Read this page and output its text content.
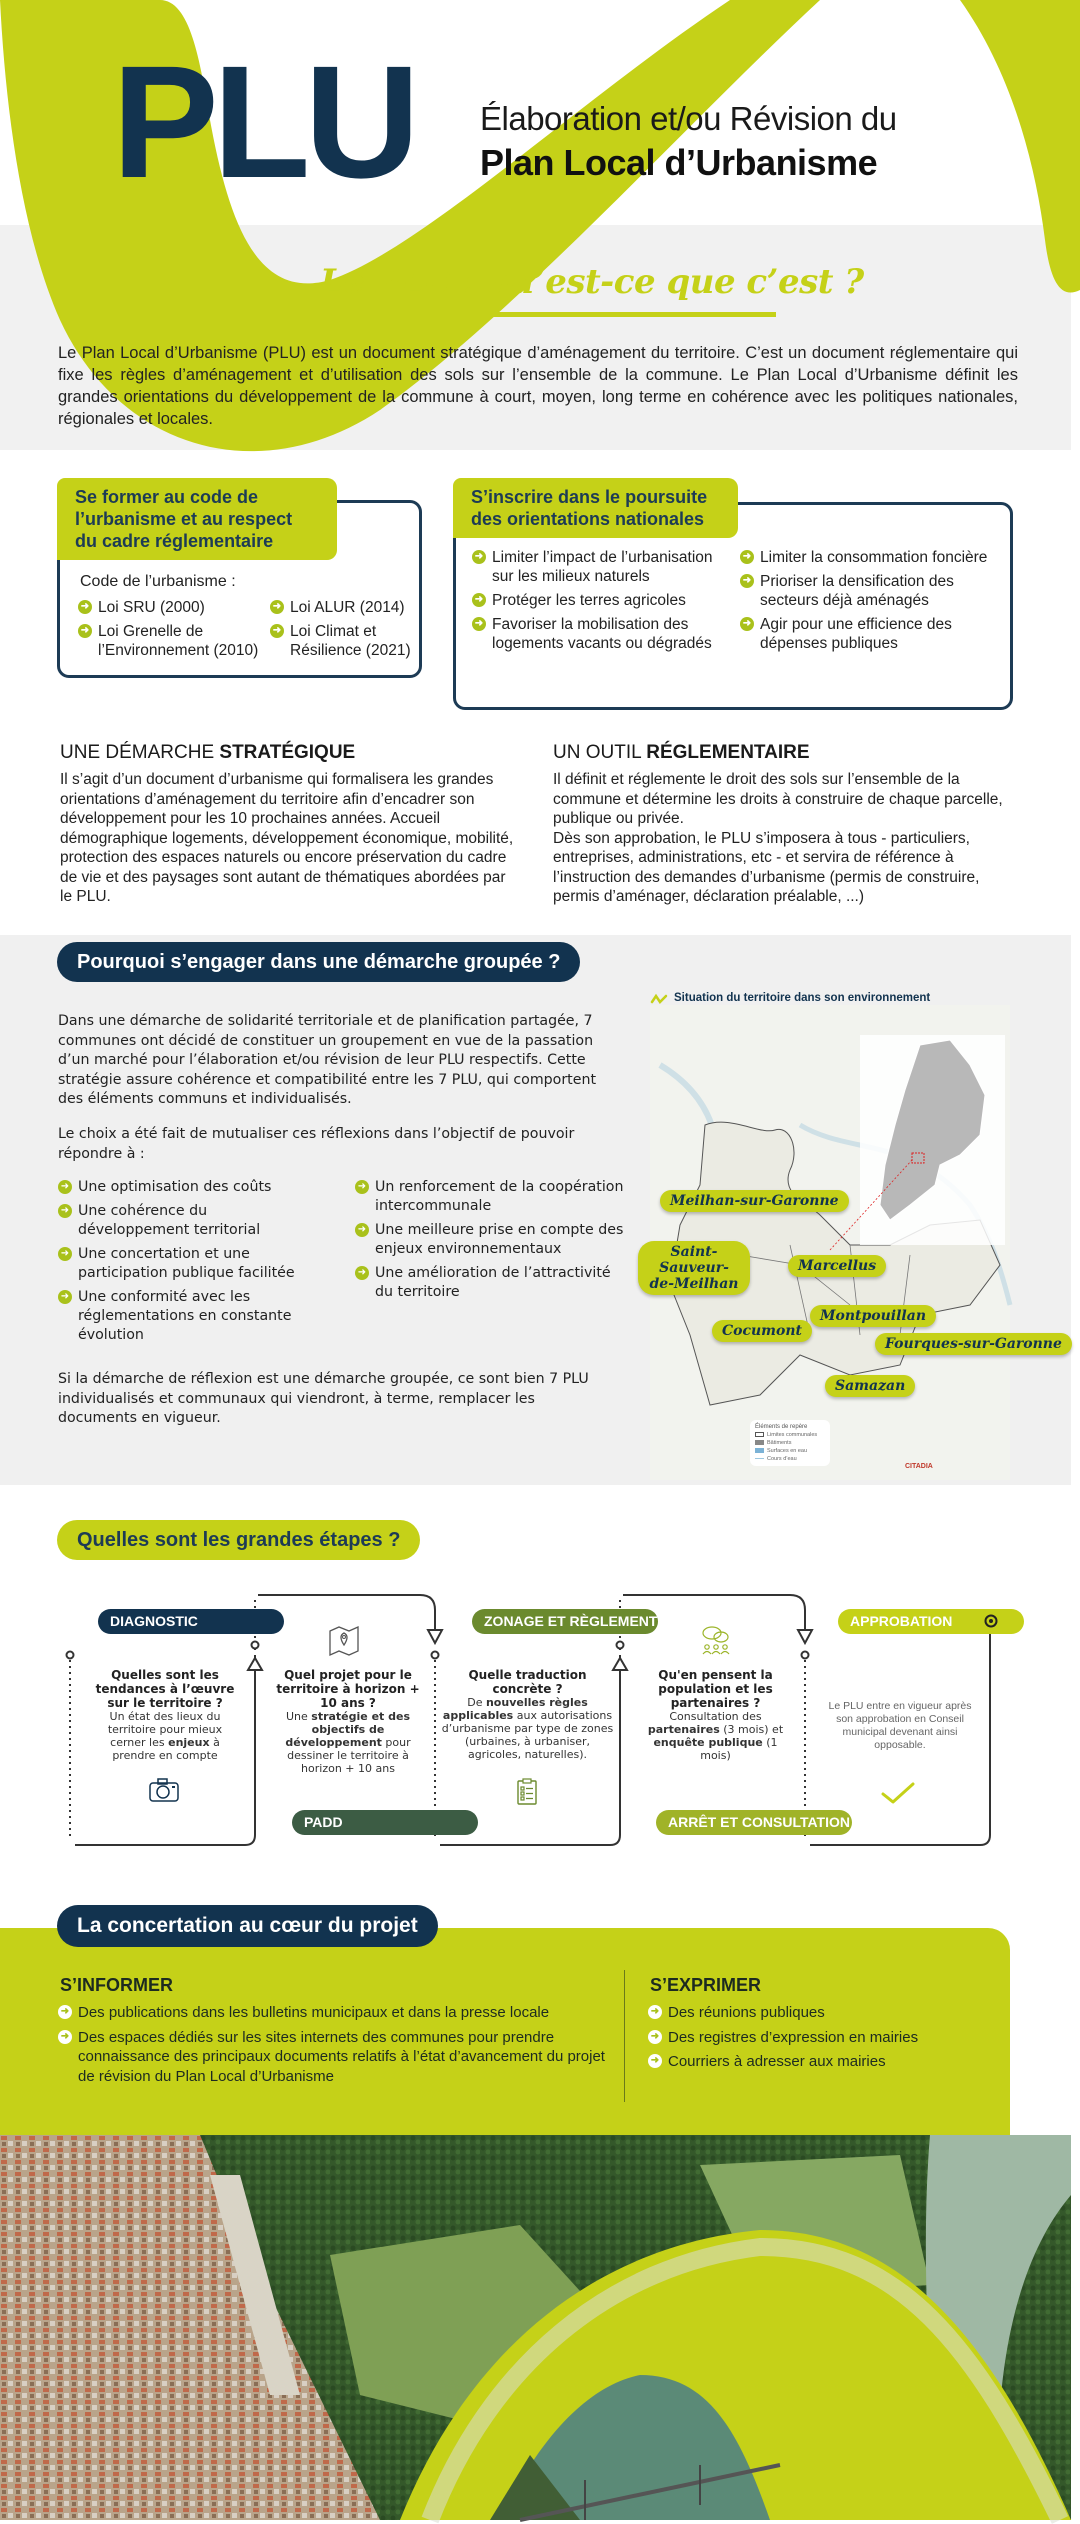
PLU Élaboration et/ou Révision du
Plan Local d’Urbanisme
Le PLU : qu’est-ce que c’est ?
Le Plan Local d’Urbanisme (PLU) est un document stratégique d’aménagement du territoire. C’est un document réglementaire qui fixe les règles d’aménagement et d’utilisation des sols sur l’ensemble de la commune. Le Plan Local d’Urbanisme définit les grandes orientations du développement de la commune à court, moyen, long terme en cohérence avec les politiques nationales, régionales et locales.
Se former au code de l’urbanisme et au respect du cadre réglementaire
Code de l’urbanisme :
➜ Loi SRU (2000)
➜ Loi Grenelle de l’Environnement (2010)
➜ Loi ALUR (2014)
➜ Loi Climat et Résilience (2021)
S’inscrire dans le poursuite des orientations nationales
➜ Limiter l’impact de l’urbanisation sur les milieux naturels
➜ Protéger les terres agricoles
➜ Favoriser la mobilisation des logements vacants ou dégradés
➜ Limiter la consommation foncière
➜ Prioriser la densification des secteurs déjà aménagés
➜ Agir pour une efficience des dépenses publiques
UNE DÉMARCHE STRATÉGIQUE
Il s’agit d’un document d’urbanisme qui formalisera les grandes orientations d’aménagement du territoire afin d’encadrer son développement pour les 10 prochaines années. Accueil démographique logements, développement économique, mobilité, protection des espaces naturels ou encore préservation du cadre de vie et des paysages sont autant de thématiques abordées par le PLU.
UN OUTIL RÉGLEMENTAIRE
Il définit et réglemente le droit des sols sur l’ensemble de la commune et détermine les droits à construire de chaque parcelle, publique ou privée.
Dès son approbation, le PLU s’imposera à tous - particuliers, entreprises, administrations, etc - et servira de référence à l’instruction des demandes d’urbanisme (permis de construire, permis d’aménager, déclaration préalable, ...)
Pourquoi s’engager dans une démarche groupée ?
Dans une démarche de solidarité territoriale et de planification partagée, 7 communes ont décidé de constituer un groupement en vue de la passation d’un marché pour l’élaboration et/ou révision de leur PLU respectifs. Cette stratégie assure cohérence et compatibilité entre les 7 PLU, qui comportent des éléments communs et individualisés.
Le choix a été fait de mutualiser ces réflexions dans l’objectif de pouvoir répondre à :
➜ Une optimisation des coûts
➜ Une cohérence du développement territorial
➜ Une concertation et une participation publique facilitée
➜ Une conformité avec les réglementations en constante évolution
➜ Un renforcement de la coopération intercommunale
➜ Une meilleure prise en compte des enjeux environnementaux
➜ Une amélioration de l’attractivité du territoire
Si la démarche de réflexion est une démarche groupée, ce sont bien 7 PLU individualisés et communaux qui viendront, à terme, remplacer les documents en vigueur.
Situation du territoire dans son environnement
Meilhan-sur-Garonne
Saint-Sauveur-de-Meilhan
Marcellus
Montpouillan
Cocumont
Fourques-sur-Garonne
Samazan
Éléments de repère
Limites communales
Bâtiments
Surfaces en eau
Cours d’eau
CITADIA
Quelles sont les grandes étapes ?
DIAGNOSTIC
PADD
ZONAGE ET RÈGLEMENT
ARRÊT ET CONSULTATION
APPROBATION
Quelles sont les tendances à l’œuvre sur le territoire ?
Un état des lieux du territoire pour mieux cerner les enjeux à prendre en compte
Quel projet pour le territoire à horizon + 10 ans ?
Une stratégie et des objectifs de développement pour dessiner le territoire à horizon + 10 ans
Quelle traduction concrète ?
De nouvelles règles applicables aux autorisations d’urbanisme par type de zones (urbaines, à urbaniser, agricoles, naturelles).
Qu'en pensent la population et les partenaires ?
Consultation des partenaires (3 mois) et enquête publique (1 mois)
Le PLU entre en vigueur après son approbation en Conseil municipal devenant ainsi opposable.
La concertation au cœur du projet
S’INFORMER
➜ Des publications dans les bulletins municipaux et dans la presse locale
➜ Des espaces dédiés sur les sites internets des communes pour prendre connaissance des principaux documents relatifs à l’état d’avancement du projet de révision du Plan Local d’Urbanisme
S’EXPRIMER
➜ Des réunions publiques
➜ Des registres d’expression en mairies
➜ Courriers à adresser aux mairies
